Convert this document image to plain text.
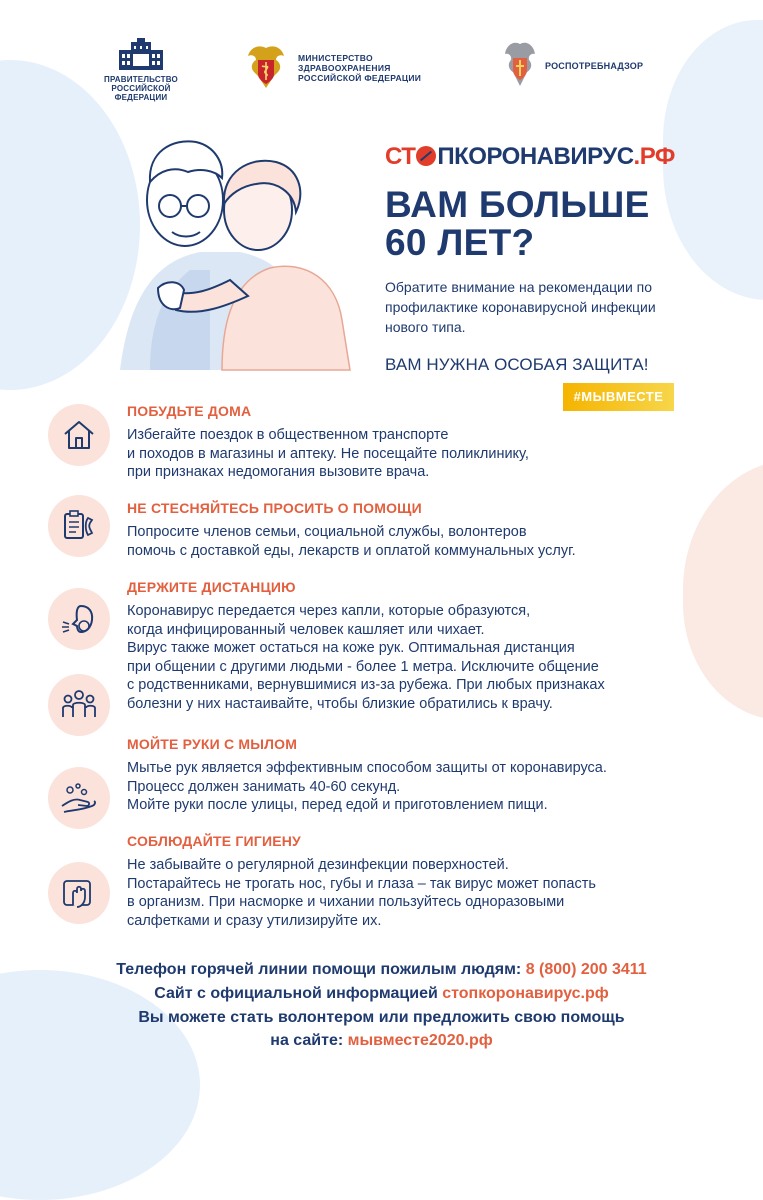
ПРАВИТЕЛЬСТВО РОССИЙСКОЙ ФЕДЕРАЦИИ
МИНИСТЕРСТВО
ЗДРАВООХРАНЕНИЯ
РОССИЙСКОЙ ФЕДЕРАЦИИ
РОСПОТРЕБНАДЗОР
СТ ПКОРОНАВИРУС.РФ
ВАМ БОЛЬШЕ
60 ЛЕТ?
Обратите внимание на рекомендации по профилактике коронавирусной инфекции нового типа.
ВАМ НУЖНА ОСОБАЯ ЗАЩИТА!
#МЫВМЕСТЕ
ПОБУДЬТЕ ДОМА
Избегайте поездок в общественном транспорте
и походов в магазины и аптеку. Не посещайте поликлинику,
при признаках недомогания вызовите врача.
НЕ СТЕСНЯЙТЕСЬ ПРОСИТЬ О ПОМОЩИ
Попросите членов семьи, социальной службы, волонтеров
помочь с доставкой еды, лекарств и оплатой коммунальных услуг.
ДЕРЖИТЕ ДИСТАНЦИЮ
Коронавирус передается через капли, которые образуются,
когда инфицированный человек кашляет или чихает.
Вирус также может остаться на коже рук. Оптимальная дистанция
при общении с другими людьми - более 1 метра. Исключите общение
с родственниками, вернувшимися из-за рубежа. При любых признаках
болезни у них настаивайте, чтобы близкие обратились к врачу.
МОЙТЕ РУКИ С МЫЛОМ
Мытье рук является эффективным способом защиты от коронавируса.
Процесс должен занимать 40-60 секунд.
Мойте руки после улицы, перед едой и приготовлением пищи.
СОБЛЮДАЙТЕ ГИГИЕНУ
Не забывайте о регулярной дезинфекции поверхностей.
Постарайтесь не трогать нос, губы и глаза – так вирус может попасть
в организм. При насморке и чихании пользуйтесь одноразовыми
салфетками и сразу утилизируйте их.
Телефон горячей линии помощи пожилым людям: 8 (800) 200 3411
Сайт с официальной информацией стопкоронавирус.рф
Вы можете стать волонтером или предложить свою помощь
на сайте: мывместе2020.рф
